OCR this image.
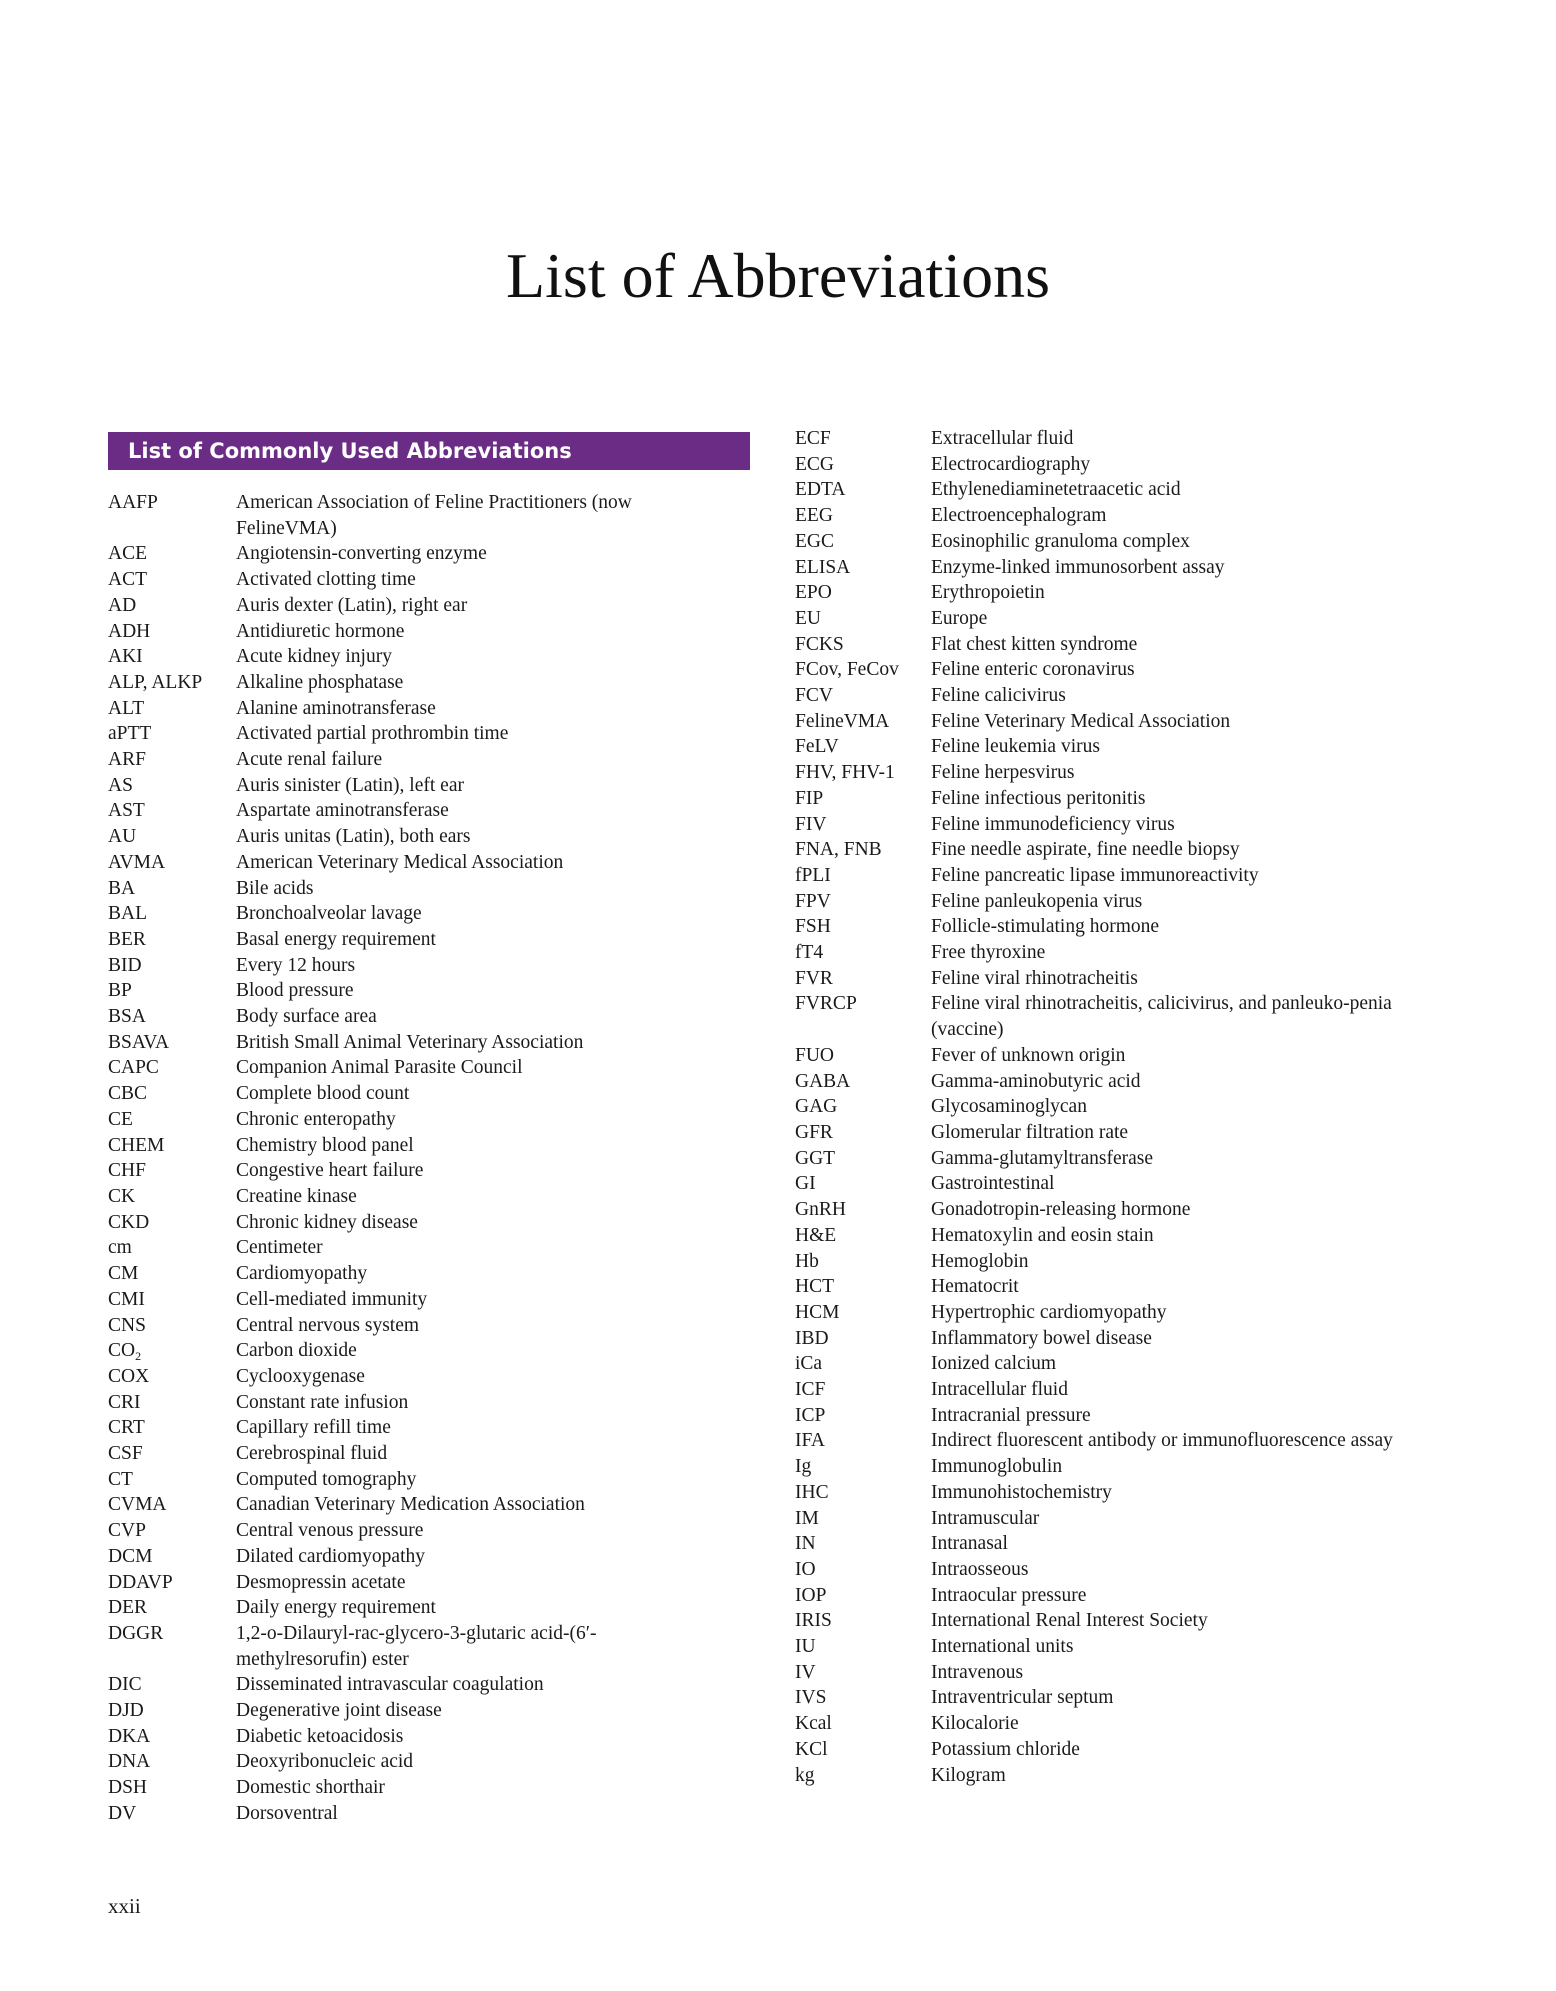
List of Abbreviations
List of Commonly Used Abbreviations
AAFP	American Association of Feline Practitioners (now FelineVMA)
ACE	Angiotensin-converting enzyme
ACT	Activated clotting time
AD	Auris dexter (Latin), right ear
ADH	Antidiuretic hormone
AKI	Acute kidney injury
ALP, ALKP	Alkaline phosphatase
ALT	Alanine aminotransferase
aPTT	Activated partial prothrombin time
ARF	Acute renal failure
AS	Auris sinister (Latin), left ear
AST	Aspartate aminotransferase
AU	Auris unitas (Latin), both ears
AVMA	American Veterinary Medical Association
BA	Bile acids
BAL	Bronchoalveolar lavage
BER	Basal energy requirement
BID	Every 12 hours
BP	Blood pressure
BSA	Body surface area
BSAVA	British Small Animal Veterinary Association
CAPC	Companion Animal Parasite Council
CBC	Complete blood count
CE	Chronic enteropathy
CHEM	Chemistry blood panel
CHF	Congestive heart failure
CK	Creatine kinase
CKD	Chronic kidney disease
cm	Centimeter
CM	Cardiomyopathy
CMI	Cell-mediated immunity
CNS	Central nervous system
$CO_2$	Carbon dioxide
COX	Cyclooxygenase
CRI	Constant rate infusion
CRT	Capillary refill time
CSF	Cerebrospinal fluid
CT	Computed tomography
CVMA	Canadian Veterinary Medication Association
CVP	Central venous pressure
DCM	Dilated cardiomyopathy
DDAVP	Desmopressin acetate
DER	Daily energy requirement
DGGR	1,2-o-Dilauryl-rac-glycero-3-glutaric acid-(6′-methylresorufin) ester
DIC	Disseminated intravascular coagulation
DJD	Degenerative joint disease
DKA	Diabetic ketoacidosis
DNA	Deoxyribonucleic acid
DSH	Domestic shorthair
DV	Dorsoventral
ECF	Extracellular fluid
ECG	Electrocardiography
EDTA	Ethylenediaminetetraacetic acid
EEG	Electroencephalogram
EGC	Eosinophilic granuloma complex
ELISA	Enzyme-linked immunosorbent assay
EPO	Erythropoietin
EU	Europe
FCKS	Flat chest kitten syndrome
FCov, FeCov	Feline enteric coronavirus
FCV	Feline calicivirus
FelineVMA	Feline Veterinary Medical Association
FeLV	Feline leukemia virus
FHV, FHV-1	Feline herpesvirus
FIP	Feline infectious peritonitis
FIV	Feline immunodeficiency virus
FNA, FNB	Fine needle aspirate, fine needle biopsy
fPLI	Feline pancreatic lipase immunoreactivity
FPV	Feline panleukopenia virus
FSH	Follicle-stimulating hormone
fT4	Free thyroxine
FVR	Feline viral rhinotracheitis
FVRCP	Feline viral rhinotracheitis, calicivirus, and panleuko-penia (vaccine)
FUO	Fever of unknown origin
GABA	Gamma-aminobutyric acid
GAG	Glycosaminoglycan
GFR	Glomerular filtration rate
GGT	Gamma-glutamyltransferase
GI	Gastrointestinal
GnRH	Gonadotropin-releasing hormone
H&E	Hematoxylin and eosin stain
Hb	Hemoglobin
HCT	Hematocrit
HCM	Hypertrophic cardiomyopathy
IBD	Inflammatory bowel disease
iCa	Ionized calcium
ICF	Intracellular fluid
ICP	Intracranial pressure
IFA	Indirect fluorescent antibody or immunofluorescence assay
Ig	Immunoglobulin
IHC	Immunohistochemistry
IM	Intramuscular
IN	Intranasal
IO	Intraosseous
IOP	Intraocular pressure
IRIS	International Renal Interest Society
IU	International units
IV	Intravenous
IVS	Intraventricular septum
Kcal	Kilocalorie
KCl	Potassium chloride
kg	Kilogram
xxii
